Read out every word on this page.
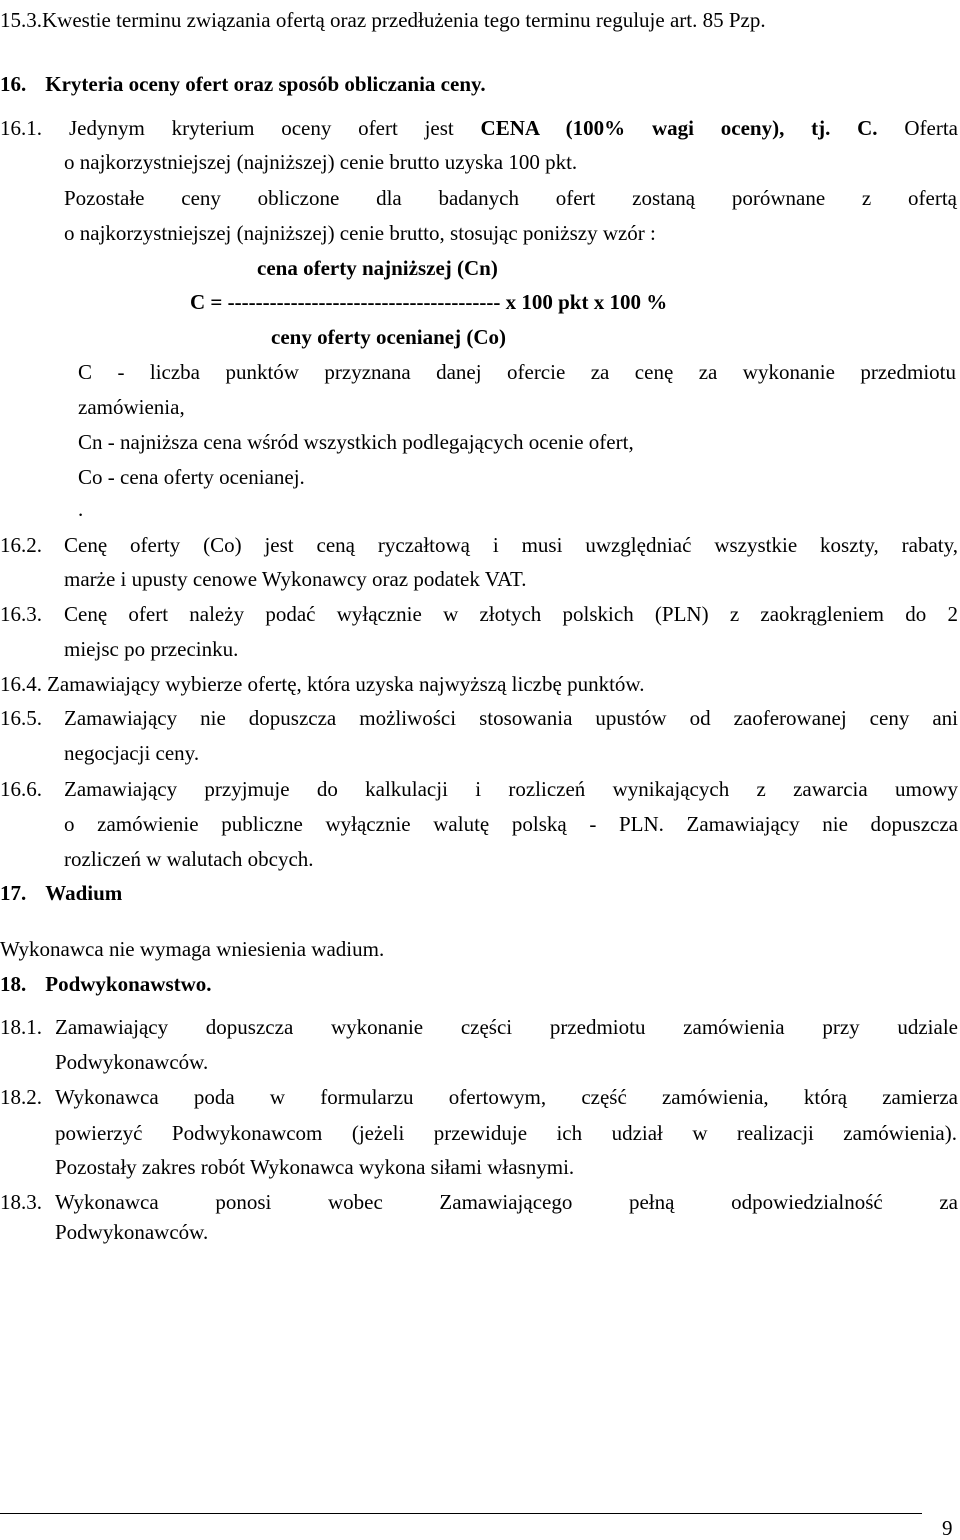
15.3.Kwestie terminu związania ofertą oraz przedłużenia tego terminu reguluje art. 85 Pzp.
16. Kryteria oceny ofert oraz sposób obliczania ceny.
16.1. Jedynym kryterium oceny ofert jest CENA (100% wagi oceny), tj. C. Oferta
o najkorzystniejszej (najniższej) cenie brutto uzyska 100 pkt.
Pozostałe ceny obliczone dla badanych ofert zostaną porównane z ofertą
o najkorzystniejszej (najniższej) cenie brutto, stosując poniższy wzór :
cena oferty najniższej (Cn)
C = --------------------------------------- x 100 pkt x 100 %
ceny oferty ocenianej (Co)
C - liczba punktów przyznana danej ofercie za cenę za wykonanie przedmiotu
zamówienia,
Cn - najniższa cena wśród wszystkich podlegających ocenie ofert,
Co - cena oferty ocenianej.
.
16.2. Cenę oferty (Co) jest ceną ryczałtową i musi uwzględniać wszystkie koszty, rabaty,
marże i upusty cenowe Wykonawcy oraz podatek VAT.
16.3. Cenę ofert należy podać wyłącznie w złotych polskich (PLN) z zaokrągleniem do 2
miejsc po przecinku.
16.4. Zamawiający wybierze ofertę, która uzyska najwyższą liczbę punktów.
16.5. Zamawiający nie dopuszcza możliwości stosowania upustów od zaoferowanej ceny ani
negocjacji ceny.
16.6. Zamawiający przyjmuje do kalkulacji i rozliczeń wynikających z zawarcia umowy
o zamówienie publiczne wyłącznie walutę polską - PLN. Zamawiający nie dopuszcza
rozliczeń w walutach obcych.
17. Wadium
Wykonawca nie wymaga wniesienia wadium.
18. Podwykonawstwo.
18.1. Zamawiający dopuszcza wykonanie części przedmiotu zamówienia przy udziale
Podwykonawców.
18.2. Wykonawca poda w formularzu ofertowym, część zamówienia, którą zamierza
powierzyć Podwykonawcom (jeżeli przewiduje ich udział w realizacji zamówienia).
Pozostały zakres robót Wykonawca wykona siłami własnymi.
18.3. Wykonawca ponosi wobec Zamawiającego pełną odpowiedzialność za
Podwykonawców.
9
